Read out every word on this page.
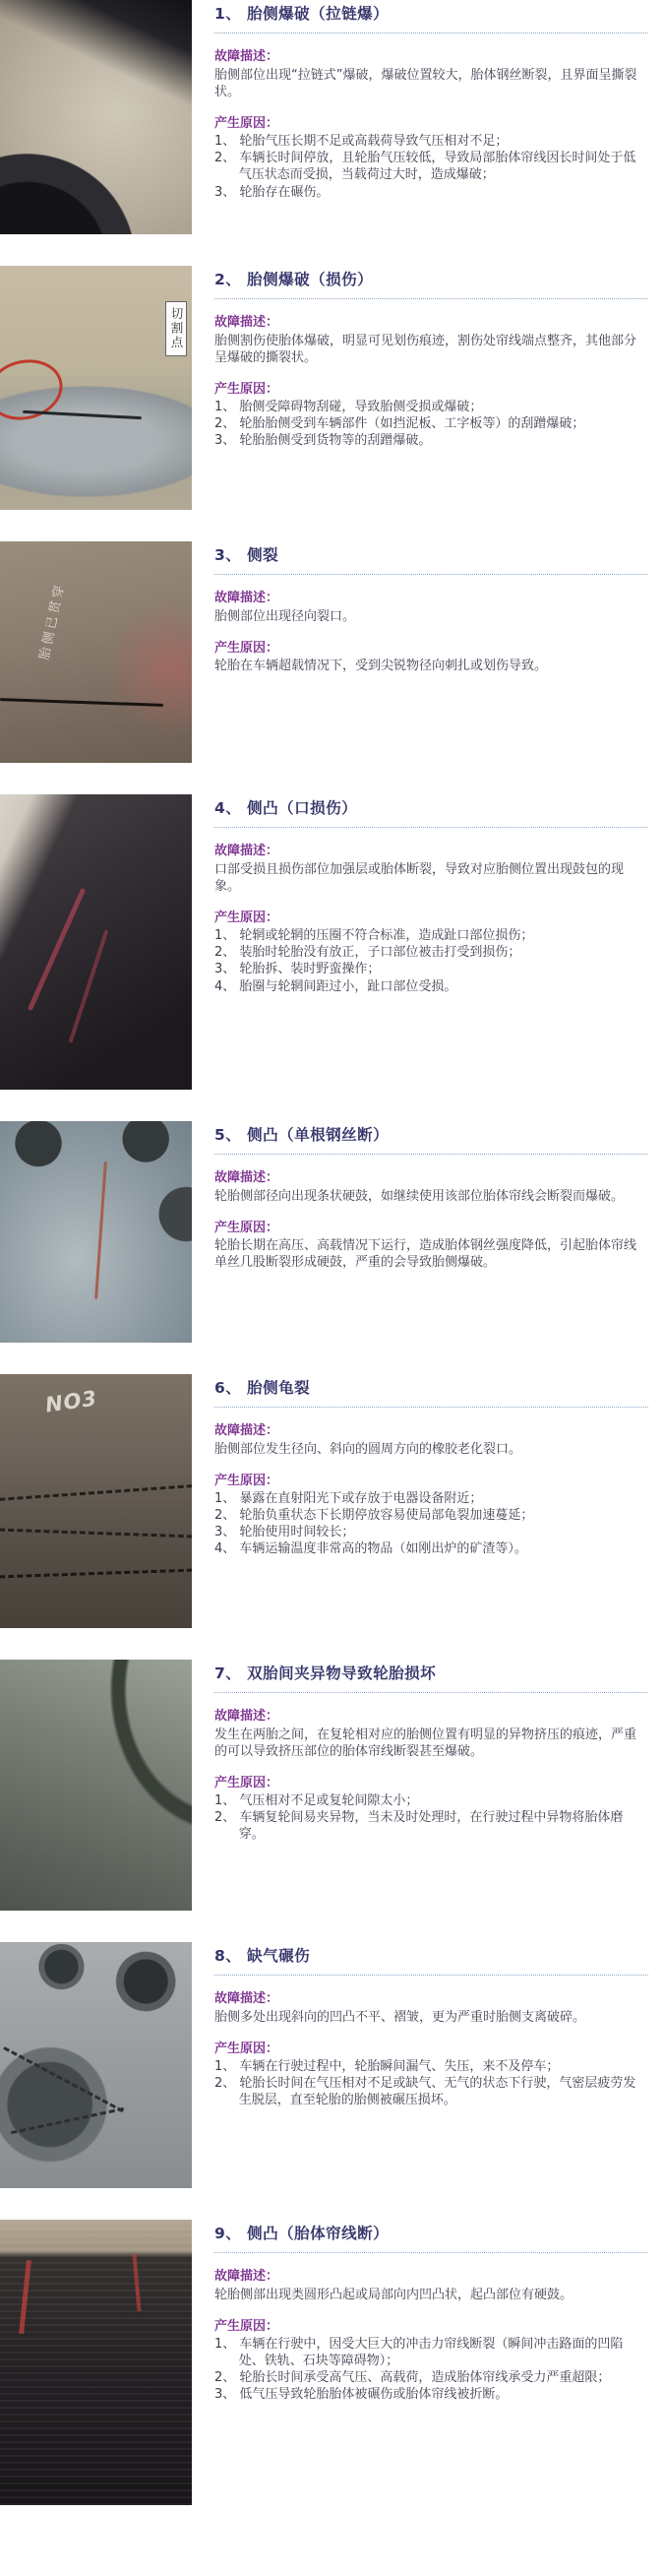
1、 胎侧爆破（拉链爆）
故障描述：

胎侧部位出现“拉链式”爆破，爆破位置较大，胎体钢丝断裂，且界面呈撕裂状。

产生原因：
1、 轮胎气压长期不足或高载荷导致气压相对不足；
2、 车辆长时间停放，且轮胎气压较低，导致局部胎体帘线因长时间处于低气压状态而受损，当载荷过大时，造成爆破；
3、 轮胎存在碾伤。
切割点
2、 胎侧爆破（损伤）
故障描述：

胎侧割伤使胎体爆破，明显可见划伤痕迹，割伤处帘线端点整齐，其他部分呈爆破的撕裂状。

产生原因：
1、 胎侧受障碍物刮碰，导致胎侧受损或爆破；
2、 轮胎胎侧受到车辆部件（如挡泥板、工字板等）的刮蹭爆破；
3、 轮胎胎侧受到货物等的刮蹭爆破。
胎侧已贯穿
3、 侧裂
故障描述：

胎侧部位出现径向裂口。

产生原因：

轮胎在车辆超载情况下，受到尖锐物径向刺扎或划伤导致。

4、 侧凸（口损伤）
故障描述：

口部受损且损伤部位加强层或胎体断裂，导致对应胎侧位置出现鼓包的现象。

产生原因：
1、 轮辋或轮辋的压圈不符合标准，造成趾口部位损伤；
2、 装胎时轮胎没有放正，子口部位被击打受到损伤；
3、 轮胎拆、装时野蛮操作；
4、 胎圈与轮辋间距过小，趾口部位受损。
5、 侧凸（单根钢丝断）
故障描述：

轮胎侧部径向出现条状硬鼓，如继续使用该部位胎体帘线会断裂而爆破。

产生原因：

轮胎长期在高压、高载情况下运行，造成胎体钢丝强度降低，引起胎体帘线单丝几股断裂形成硬鼓，严重的会导致胎侧爆破。

NO3	6、 胎侧龟裂
故障描述：

胎侧部位发生径向、斜向的圆周方向的橡胶老化裂口。

产生原因：
1、 暴露在直射阳光下或存放于电器设备附近；
2、 轮胎负重状态下长期停放容易使局部龟裂加速蔓延；
3、 轮胎使用时间较长；
4、 车辆运输温度非常高的物品（如刚出炉的矿渣等）。
7、 双胎间夹异物导致轮胎损坏
故障描述：

发生在两胎之间，在复轮相对应的胎侧位置有明显的异物挤压的痕迹，严重的可以导致挤压部位的胎体帘线断裂甚至爆破。

产生原因：
1、 气压相对不足或复轮间隙太小；
2、 车辆复轮间易夹异物，当未及时处理时，在行驶过程中异物将胎体磨穿。
8、 缺气碾伤
故障描述：

胎侧多处出现斜向的凹凸不平、褶皱，更为严重时胎侧支离破碎。

产生原因：
1、 车辆在行驶过程中，轮胎瞬间漏气、失压，来不及停车；
2、 轮胎长时间在气压相对不足或缺气、无气的状态下行驶，气密层疲劳发生脱层，直至轮胎的胎侧被碾压损坏。
9、 侧凸（胎体帘线断）
故障描述：

轮胎侧部出现类圆形凸起或局部向内凹凸状，起凸部位有硬鼓。

产生原因：
1、 车辆在行驶中，因受大巨大的冲击力帘线断裂（瞬间冲击路面的凹陷处、铁轨、石块等障碍物）；
2、 轮胎长时间承受高气压、高载荷，造成胎体帘线承受力严重超限；
3、 低气压导致轮胎胎体被碾伤或胎体帘线被折断。
